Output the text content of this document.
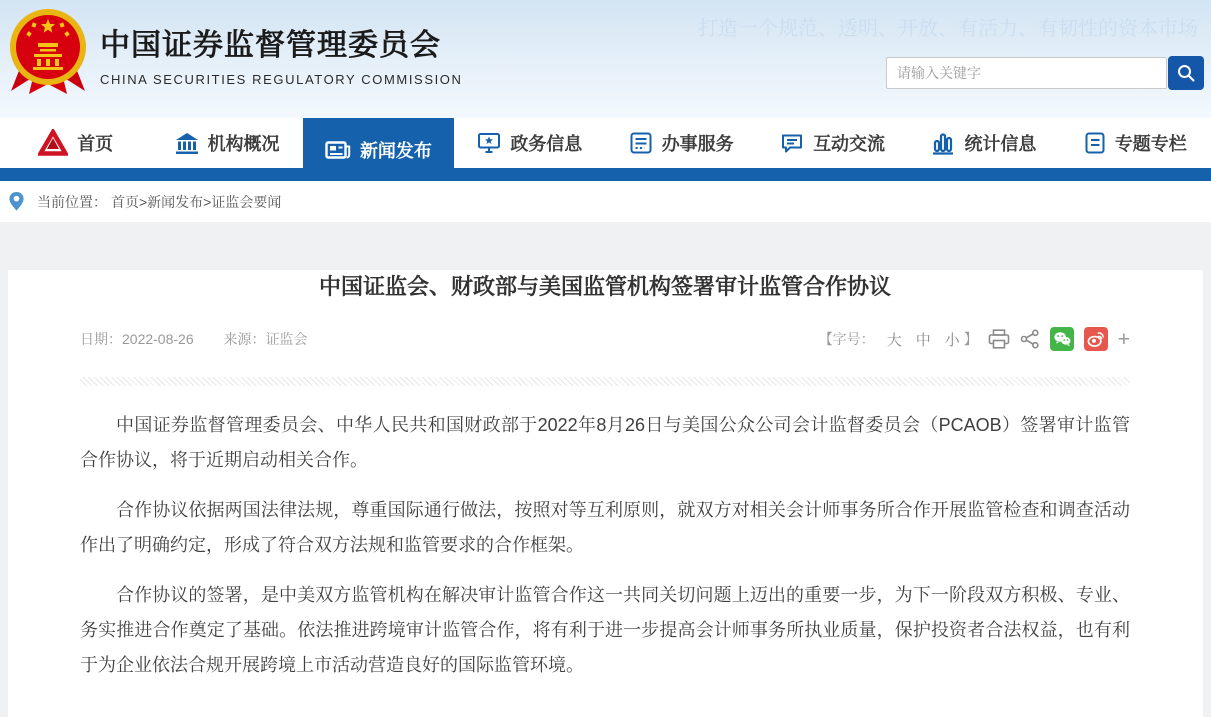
中国证券监督管理委员会
CHINA SECURITIES REGULATORY COMMISSION
打造一个规范、透明、开放、有活力、有韧性的资本市场
请输入关键字
首页	机构概况	新闻发布	政务信息	办事服务	互动交流	统计信息	专题专栏
当前位置： 首页>新闻发布>证监会要闻
中国证监会、财政部与美国监管机构签署审计监管合作协议
日期：2022-08-26 来源：证监会	【字号： 大 中 小 】	+

中国证券监督管理委员会、中华人民共和国财政部于2022年8月26日与美国公众公司会计监督委员会（PCAOB）签署审计监管合作协议，将于近期启动相关合作。

合作协议依据两国法律法规，尊重国际通行做法，按照对等互利原则，就双方对相关会计师事务所合作开展监管检查和调查活动作出了明确约定，形成了符合双方法规和监管要求的合作框架。

合作协议的签署，是中美双方监管机构在解决审计监管合作这一共同关切问题上迈出的重要一步，为下一阶段双方积极、专业、务实推进合作奠定了基础。依法推进跨境审计监管合作，将有利于进一步提高会计师事务所执业质量，保护投资者合法权益，也有利于为企业依法合规开展跨境上市活动营造良好的国际监管环境。
